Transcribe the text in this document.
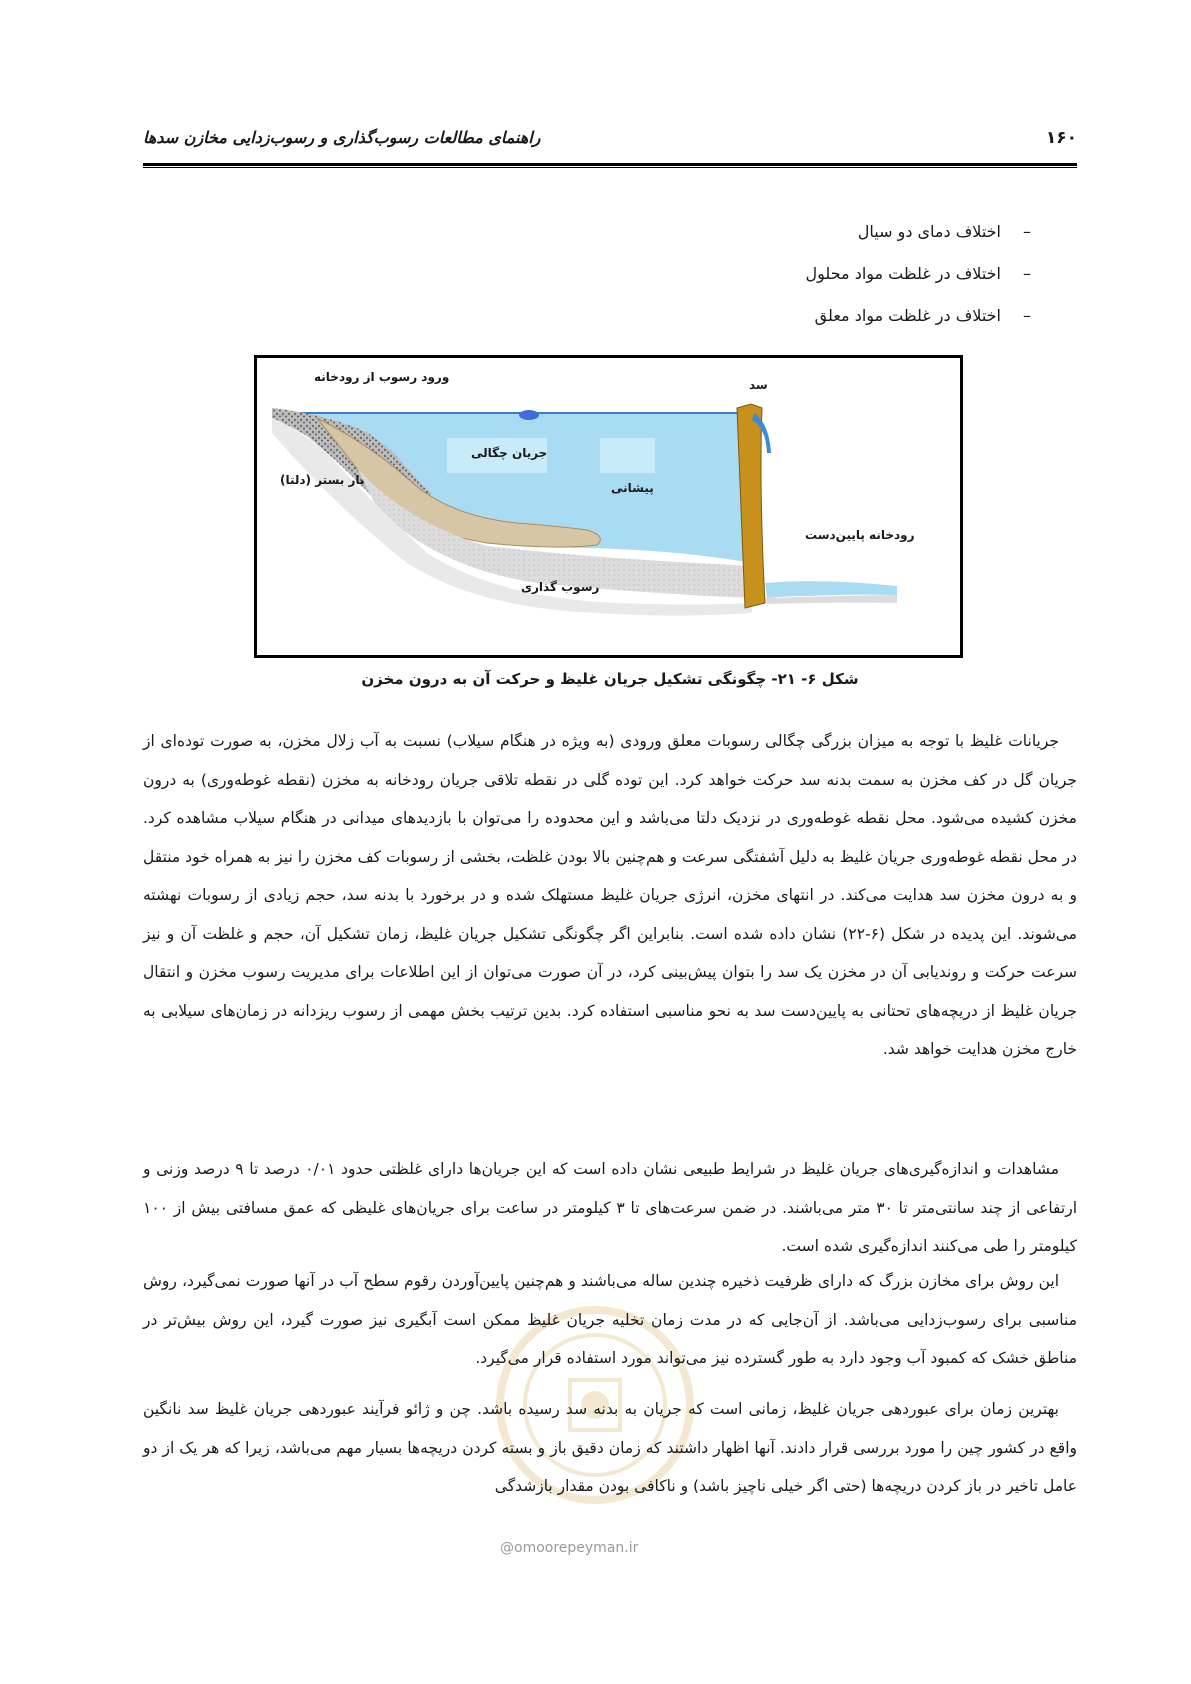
راهنمای مطالعات رسوب‌گذاری و رسوب‌زدایی مخازن سدها	۱۶۰
–اختلاف دمای دو سیال
–اختلاف در غلظت مواد محلول
–اختلاف در غلظت مواد معلق
ورود رسوب از رودخانه
سد
جریان چگالی
بار بستر (دلتا)
پیشانی
رودخانه پایین‌دست
رسوب گذاری
شکل ۶- ۲۱- چگونگی تشکیل جریان غلیظ و حرکت آن به درون مخزن
@omoorepeyman.ir

جریانات غلیظ با توجه به میزان بزرگی چگالی رسوبات معلق ورودی (به ویژه در هنگام سیلاب) نسبت به آب زلال مخزن، به صورت توده‌ای از جریان گل در کف مخزن به سمت بدنه سد حرکت خواهد کرد. این توده گلی در نقطه تلاقی جریان رودخانه به مخزن (نقطه غوطه‌وری) به درون مخزن کشیده می‌شود. محل نقطه غوطه‌وری در نزدیک دلتا می‌باشد و این محدوده را می‌توان با بازدیدهای میدانی در هنگام سیلاب مشاهده کرد. در محل نقطه غوطه‌وری جریان غلیظ به دلیل آشفتگی سرعت و هم‌چنین بالا بودن غلظت، بخشی از رسوبات کف مخزن را نیز به همراه خود منتقل و به درون مخزن سد هدایت می‌کند. در انتهای مخزن، انرژی جریان غلیظ مستهلک شده و در برخورد با بدنه سد، حجم زیادی از رسوبات نهشته می‌شوند. این پدیده در شکل (۶-۲۲) نشان داده شده است. بنابراین اگر چگونگی تشکیل جریان غلیظ، زمان تشکیل آن، حجم و غلظت آن و نیز سرعت حرکت و روندیابی آن در مخزن یک سد را بتوان پیش‌بینی کرد، در آن صورت می‌توان از این اطلاعات برای مدیریت رسوب مخزن و انتقال جریان غلیظ از دریچه‌های تحتانی به پایین‌دست سد به نحو مناسبی استفاده کرد. بدین ترتیب بخش مهمی از رسوب ریزدانه در زمان‌های سیلابی به خارج مخزن هدایت خواهد شد.

مشاهدات و اندازه‌گیری‌های جریان غلیظ در شرایط طبیعی نشان داده است که این جریان‌ها دارای غلظتی حدود ۰/۰۱ درصد تا ۹ درصد وزنی و ارتفاعی از چند سانتی‌متر تا ۳۰ متر می‌باشند. در ضمن سرعت‌های تا ۳ کیلومتر در ساعت برای جریان‌های غلیظی که عمق مسافتی بیش از ۱۰۰ کیلومتر را طی می‌کنند اندازه‌گیری شده است.

این روش برای مخازن بزرگ که دارای ظرفیت ذخیره چندین ساله می‌باشند و هم‌چنین پایین‌آوردن رقوم سطح آب در آنها صورت نمی‌گیرد، روش مناسبی برای رسوب‌زدایی می‌باشد. از آن‌جایی که در مدت زمان تخلیه جریان غلیظ ممکن است آبگیری نیز صورت گیرد، این روش بیش‌تر در مناطق خشک که کمبود آب وجود دارد به طور گسترده نیز می‌تواند مورد استفاده قرار می‌گیرد.

بهترین زمان برای عبوردهی جریان غلیظ، زمانی است که جریان به بدنه سد رسیده باشد. چن و ژائو فرآیند عبوردهی جریان غلیظ سد نانگین واقع در کشور چین را مورد بررسی قرار دادند. آنها اظهار داشتند که زمان دقیق باز و بسته کردن دریچه‌ها بسیار مهم می‌باشد، زیرا که هر یک از دو عامل تاخیر در باز کردن دریچه‌ها (حتی اگر خیلی ناچیز باشد) و ناکافی بودن مقدار بازشدگی
